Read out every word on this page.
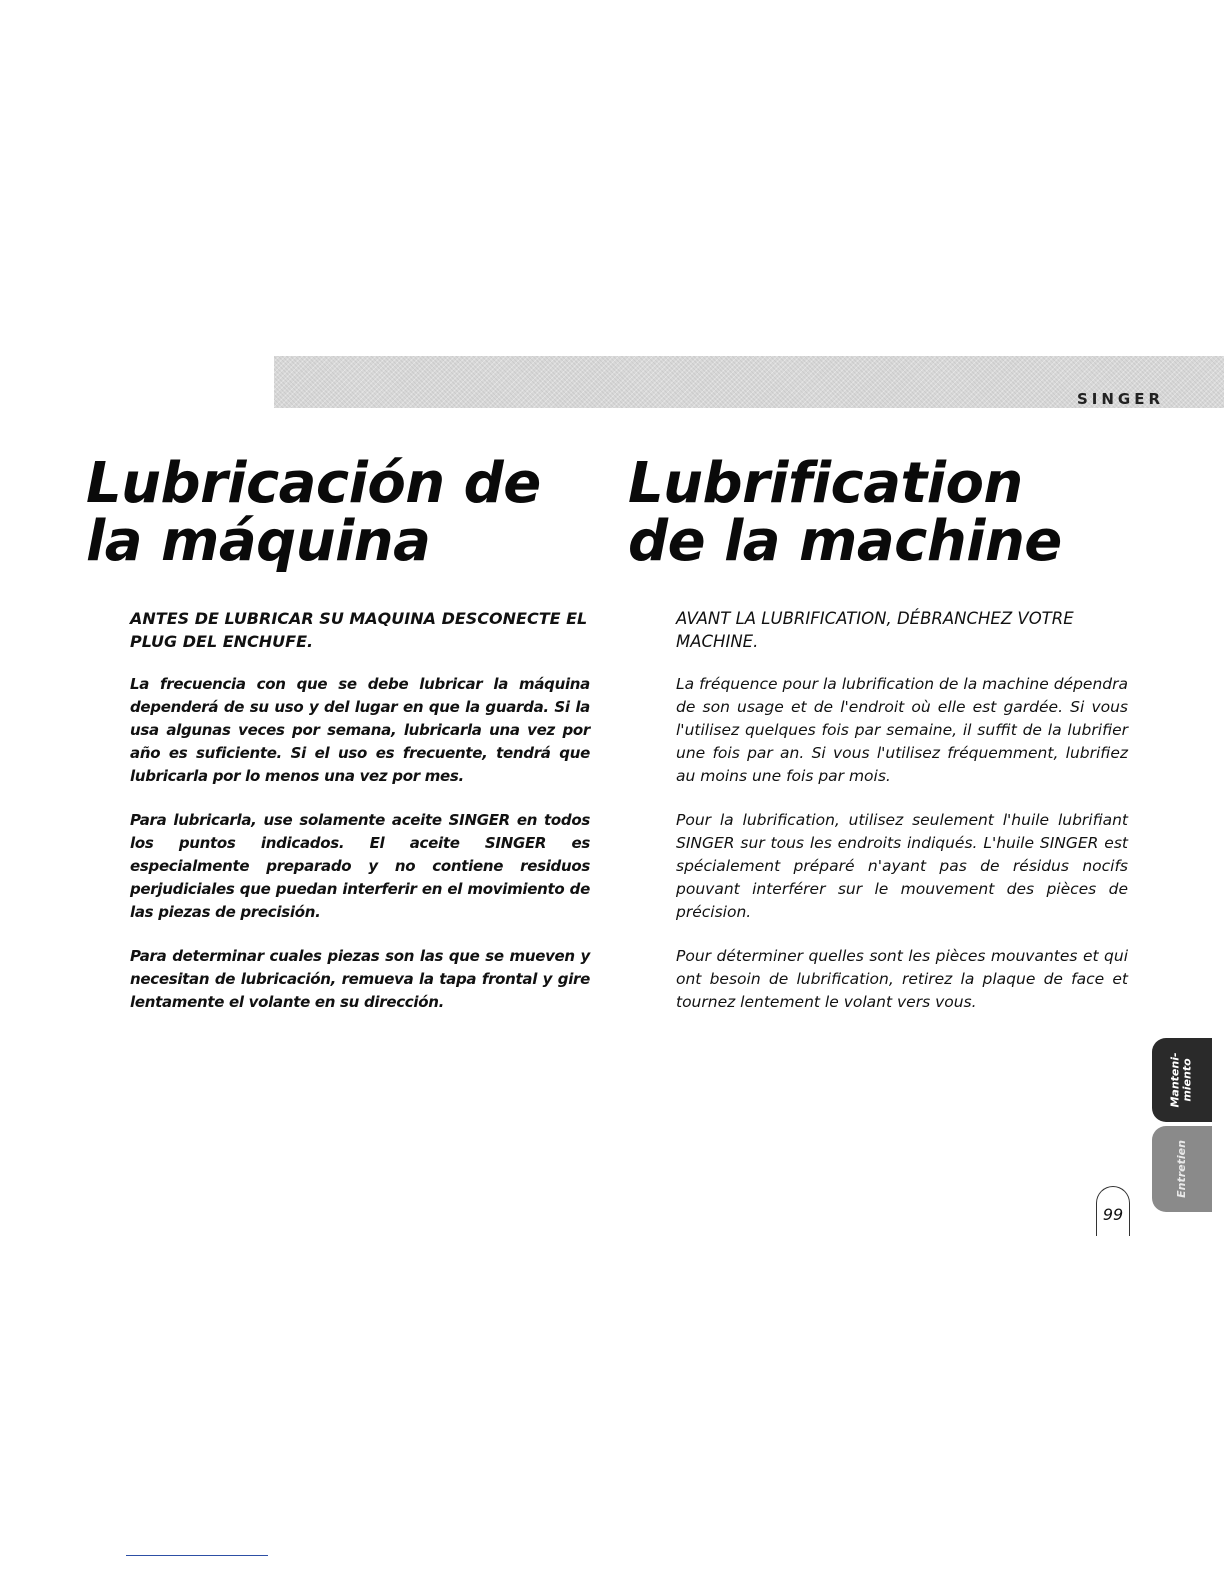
SINGER
Lubricación de
la máquina

ANTES DE LUBRICAR SU MAQUINA DESCONECTE EL PLUG DEL ENCHUFE.

La frecuencia con que se debe lubricar la máquina dependerá de su uso y del lugar en que la guarda. Si la usa algunas veces por semana, lubricarla una vez por año es suficiente. Si el uso es frecuente, tendrá que lubricarla por lo menos una vez por mes.

Para lubricarla, use solamente aceite SINGER en todos los puntos indicados. El aceite SINGER es especialmente preparado y no contiene residuos perjudiciales que puedan interferir en el movimiento de las piezas de precisión.

Para determinar cuales piezas son las que se mueven y necesitan de lubricación, remueva la tapa frontal y gire lentamente el volante en su dirección.

Lubrification
de la machine

AVANT LA LUBRIFICATION, DÉBRANCHEZ VOTRE MACHINE.

La fréquence pour la lubrification de la machine dépendra de son usage et de l'endroit où elle est gardée. Si vous l'utilisez quelques fois par semaine, il suffit de la lubrifier une fois par an. Si vous l'utilisez fréquemment, lubrifiez au moins une fois par mois.

Pour la lubrification, utilisez seulement l'huile lubrifiant SINGER sur tous les endroits indiqués. L'huile SINGER est spécialement préparé n'ayant pas de résidus nocifs pouvant interférer sur le mouvement des pièces de précision.

Pour déterminer quelles sont les pièces mouvantes et qui ont besoin de lubrification, retirez la plaque de face et tournez lentement le volant vers vous.

Manteni-
miento
Entretien
99
